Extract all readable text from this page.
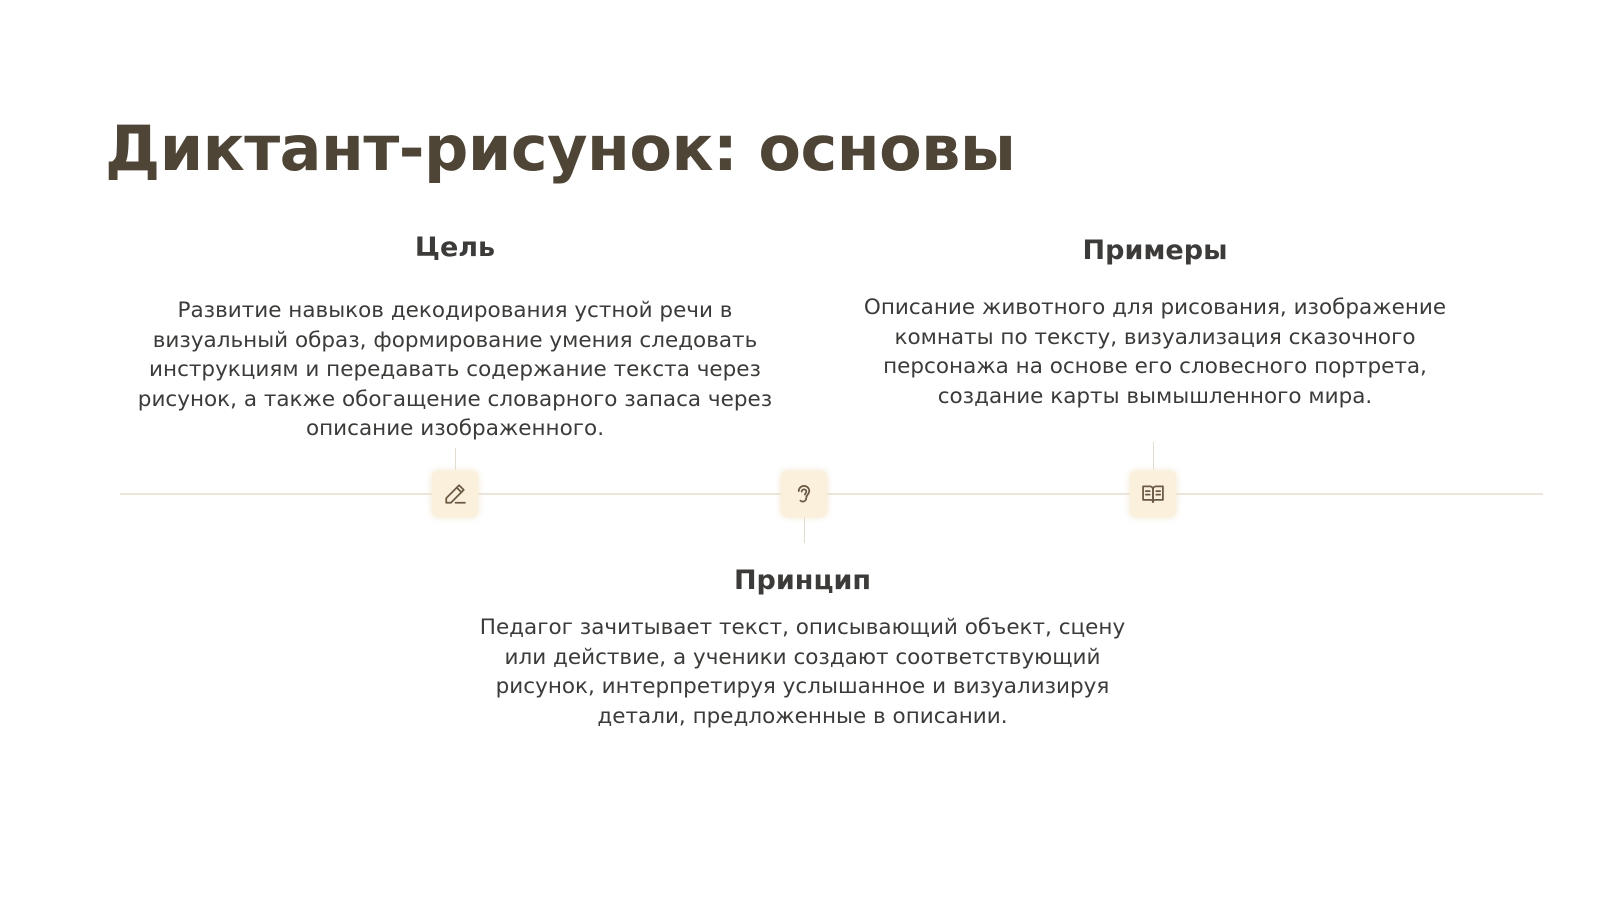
Диктант-рисунок: основы
Цель

Развитие навыков декодирования устной речи в визуальный образ, формирование умения следовать инструкциям и передавать содержание текста через рисунок, а также обогащение словарного запаса через описание изображенного.

Примеры

Описание животного для рисования, изображение комнаты по тексту, визуализация сказочного персонажа на основе его словесного портрета, создание карты вымышленного мира.

Принцип

Педагог зачитывает текст, описывающий объект, сцену или действие, а ученики создают соответствующий рисунок, интерпретируя услышанное и визуализируя детали, предложенные в описании.
